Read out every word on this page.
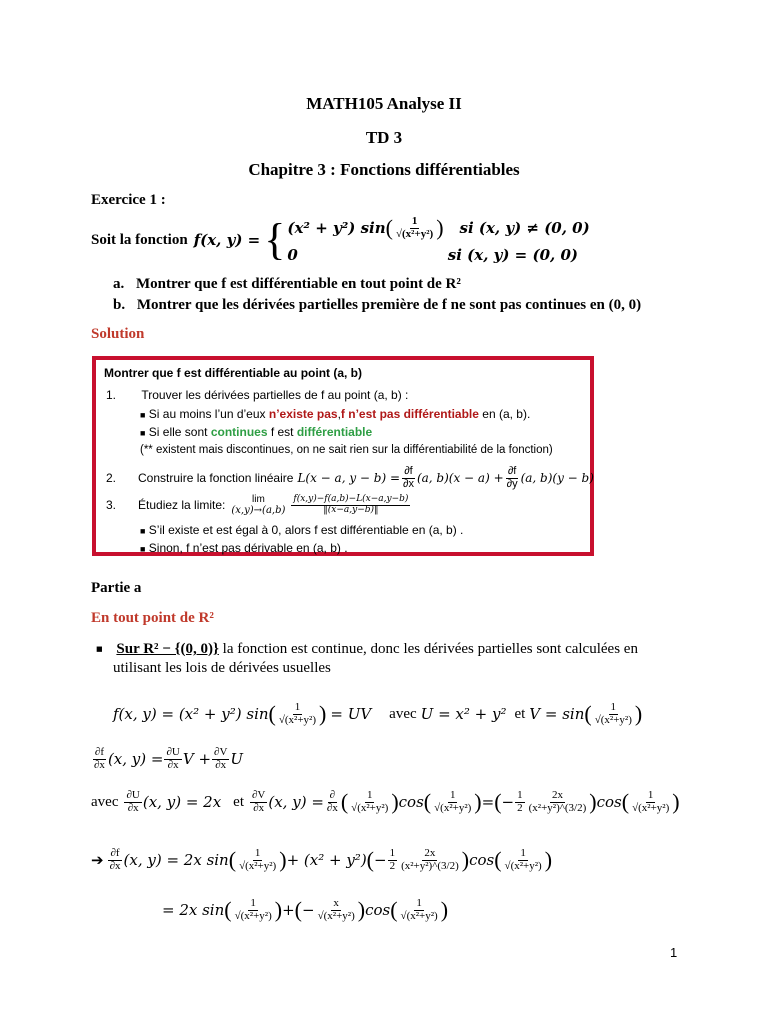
MATH105 Analyse II
TD 3
Chapitre 3 : Fonctions différentiables
Exercice 1 :
Soit la fonction f(x, y) = { (x² + y²) sin ( $\frac{1}{\text{√(x²+y²)}}$ ) si (x, y) ≠ (0, 0)
0	si (x, y) = (0, 0)
a. Montrer que f est différentiable en tout point de R²
b. Montrer que les dérivées partielles première de f ne sont pas continues en (0, 0)
Solution
Montrer que f est différentiable au point (a, b)
1. Trouver les dérivées partielles de f au point (a, b) :
■ Si au moins l’un d’eux n’existe pas,f n’est pas différentiable en (a, b).
■ Si elle sont continues f est différentiable
(** existent mais discontinues, on ne sait rien sur la différentiabilité de la fonction)
2. Construire la fonction linéaire L(x − a, $y - b) = \frac{\partial f}{\partial x} (a$, $b)(x - a) + \frac{\partial f}{\partial y} (a$, b)(y − b)
3. Étudiez la limite:	lim
$(x,y)\to(a,b) \frac{f(x,y)-f(a,b)-L(x-a,y-b)}{‖(x-a,y-b)‖}$
■ S’il existe et est égal à 0, alors f est différentiable en (a, b) .
■ Sinon, f n’est pas dérivable en (a, b) .
Partie a
En tout point de R²
■ Sur R² − {(0, 0)} la fonction est continue, donc les dérivées partielles sont calculées en
utilisant les lois de dérivées usuelles
f(x, y) = (x² + y²) sin ( $\frac{1}{\text{√(x²+y²)}}$ ) = UV avec U = x² + y² et V = sin ( $\frac{1}{\text{√(x²+y²)}}$ )
$\frac{\partial f}{\partial x} (x$, $y) = \frac{\partial U}{\partial x}$ $V + \frac{\partial V}{\partial x}$ U
avec $\frac{\partial U}{\partial x} (x$, y) = 2x et $\frac{\partial V}{\partial x} (x$, $y) = \frac{\partial}{\partial x}$ ( $\frac{1}{\text{√(x²+y²)}}$ ) cos ( $\frac{1}{\text{√(x²+y²)}}$ ) = ( − $\frac{1}{2} \frac{2x}{\text{(x²+y²)\textasciicircum{}(3/2)}}$ ) cos ( $\frac{1}{\text{√(x²+y²)}}$ )
➔ $\frac{\partial f}{\partial x} (x$, y) = 2x sin ( $\frac{1}{\text{√(x²+y²)}}$ ) + (x² + y²) ( − $\frac{1}{2} \frac{2x}{\text{(x²+y²)\textasciicircum{}(3/2)}}$ ) cos ( $\frac{1}{\text{√(x²+y²)}}$ )
= 2x sin ( $\frac{1}{\text{√(x²+y²)}}$ ) + ( − $\frac{x}{\text{√(x²+y²)}}$ ) cos ( $\frac{1}{\text{√(x²+y²)}}$ )
1
